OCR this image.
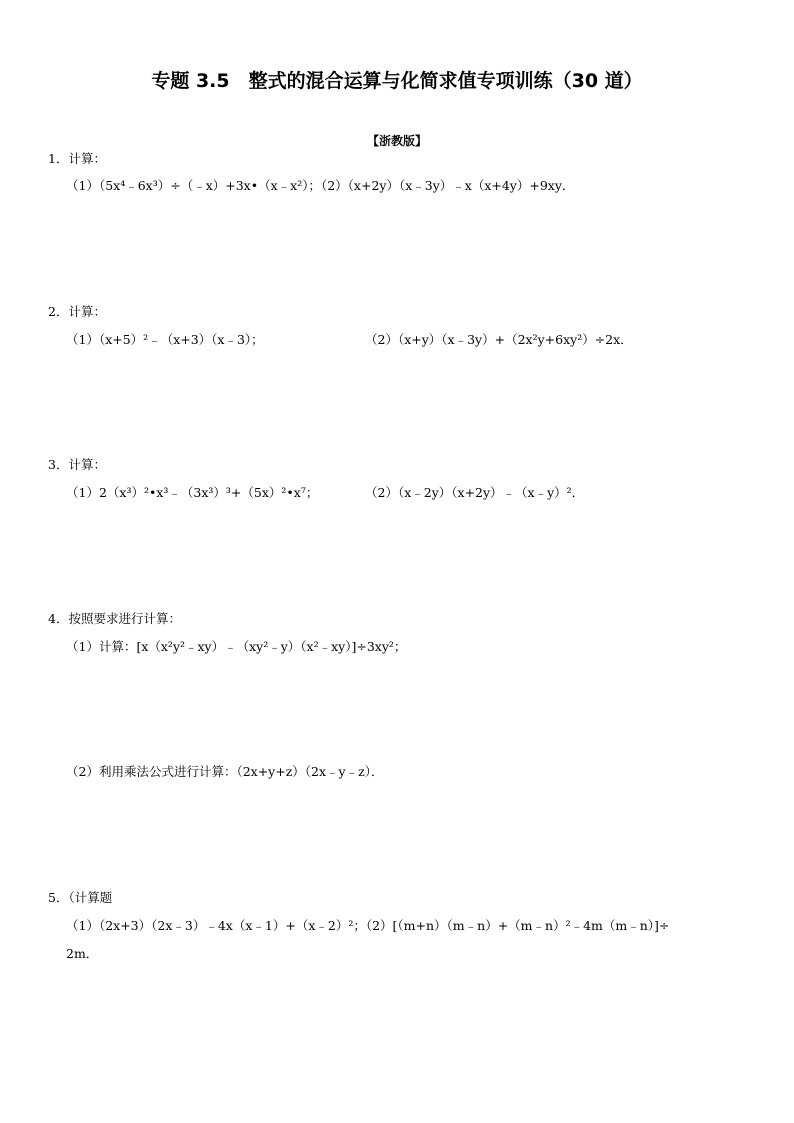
专题 3.5　整式的混合运算与化简求值专项训练（30 道）
【浙教版】
1．计算：
（1）（5x⁴﹣6x³）÷（﹣x）+3x•（x﹣x²）；（2）（x+2y）（x﹣3y）﹣x（x+4y）+9xy．
2．计算：
（1）（x+5）²﹣（x+3）（x﹣3）；	（2）（x+y）（x﹣3y）+（2x²y+6xy²）÷2x．
3．计算：
（1）2（x³）²•x³﹣（3x³）³+（5x）²•x⁷；	（2）（x﹣2y）（x+2y）﹣（x﹣y）²．
4．按照要求进行计算：
（1）计算：[x（x²y²﹣xy）﹣（xy²﹣y）（x²﹣xy）]÷3xy²；
（2）利用乘法公式进行计算：（2x+y+z）（2x﹣y﹣z）．
5．（计算题
（1）（2x+3）（2x﹣3）﹣4x（x﹣1）+（x﹣2）²；（2）[（m+n）（m﹣n）+（m﹣n）²﹣4m（m﹣n）]÷
2m．
